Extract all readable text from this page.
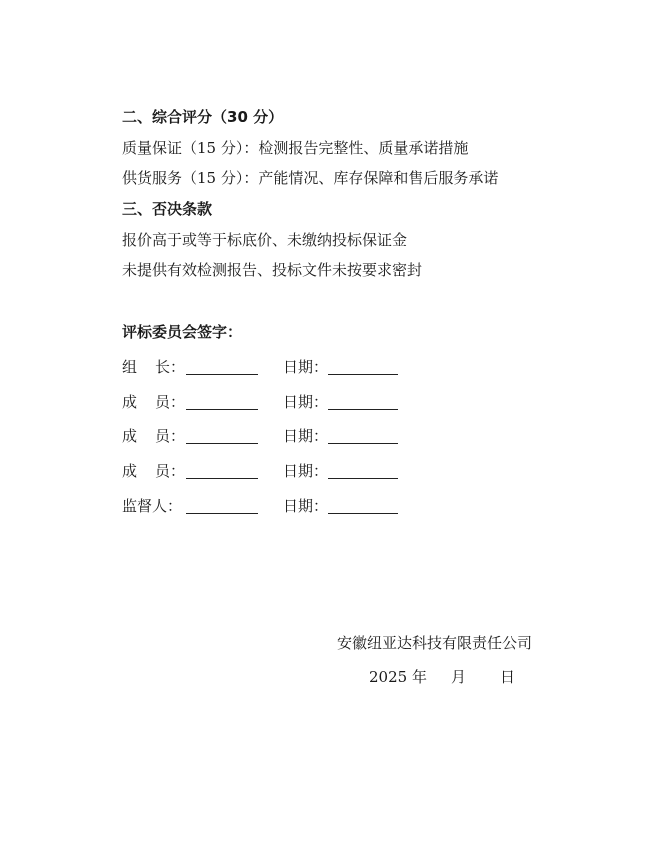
二、综合评分（30 分）
质量保证（15 分）：检测报告完整性、质量承诺措施
供货服务（15 分）：产能情况、库存保障和售后服务承诺
三、否决条款
报价高于或等于标底价、未缴纳投标保证金
未提供有效检测报告、投标文件未按要求密封
评标委员会签字：
组长：	日期：
成员：	日期：
成员：	日期：
成员：	日期：
监督人：	日期：
安徽纽亚达科技有限责任公司
2025 年 月 日
